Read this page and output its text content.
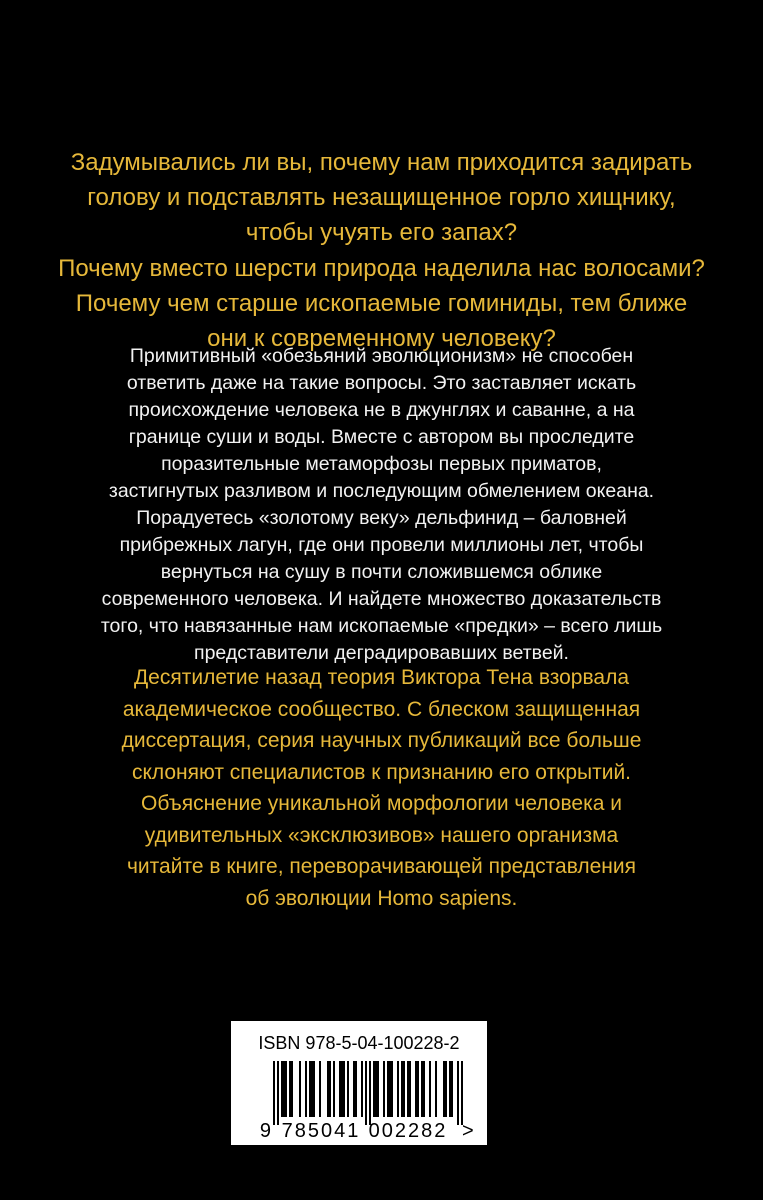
Задумывались ли вы, почему нам приходится задирать
голову и подставлять незащищенное горло хищнику,
чтобы учуять его запах?
Почему вместо шерсти природа наделила нас волосами?
Почему чем старше ископаемые гоминиды, тем ближе
они к современному человеку?
Примитивный «обезьяний эволюционизм» не способен
ответить даже на такие вопросы. Это заставляет искать
происхождение человека не в джунглях и саванне, а на
границе суши и воды. Вместе с автором вы проследите
поразительные метаморфозы первых приматов,
застигнутых разливом и последующим обмелением океана.
Порадуетесь «золотому веку» дельфинид – баловней
прибрежных лагун, где они провели миллионы лет, чтобы
вернуться на сушу в почти сложившемся облике
современного человека. И найдете множество доказательств
того, что навязанные нам ископаемые «предки» – всего лишь
представители деградировавших ветвей.
Десятилетие назад теория Виктора Тена взорвала
академическое сообщество. С блеском защищенная
диссертация, серия научных публикаций все больше
склоняют специалистов к признанию его открытий.
Объяснение уникальной морфологии человека и
удивительных «эксклюзивов» нашего организма
читайте в книге, переворачивающей представления
об эволюции Homo sapiens.

ISBN 978-5-04-100228-2

9 785041 002282 >
